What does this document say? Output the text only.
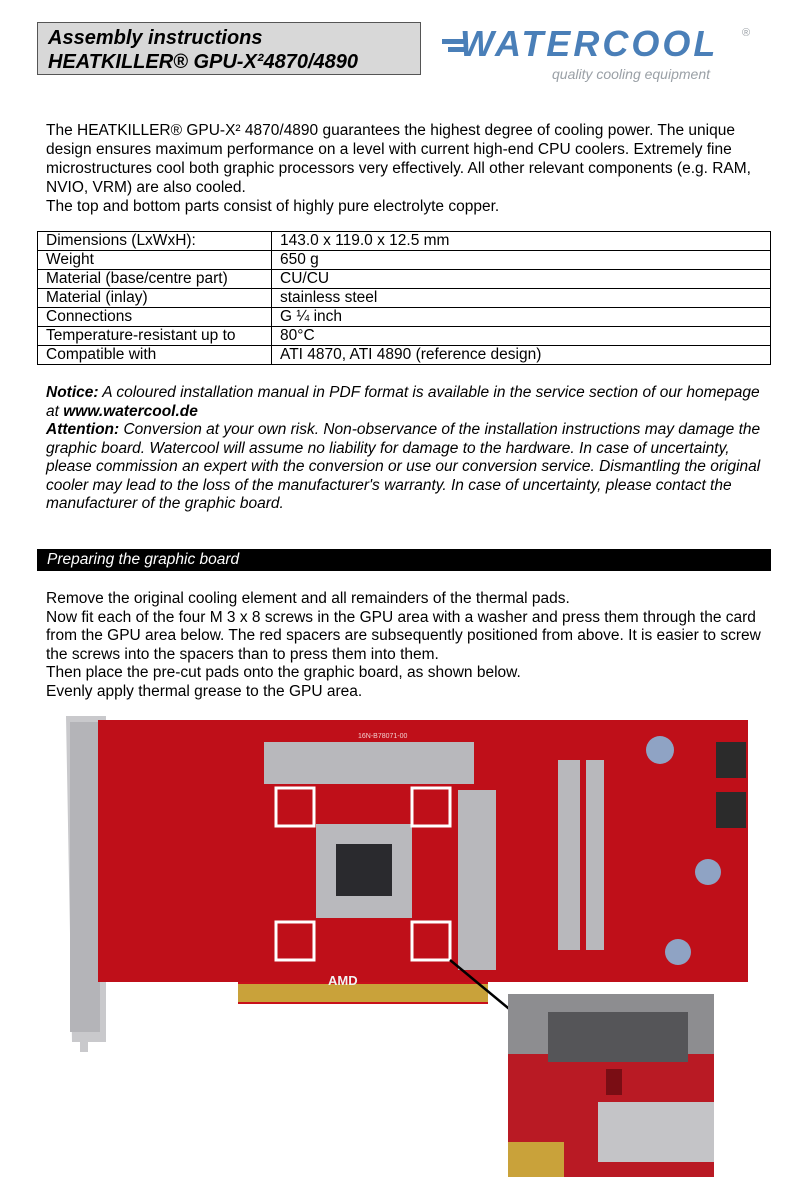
Assembly instructions
HEATKILLER® GPU-X²4870/4890	WATERCOOL ®
quality cooling equipment
The HEATKILLER® GPU-X² 4870/4890 guarantees the highest degree of cooling power. The unique design ensures maximum performance on a level with current high-end CPU coolers. Extremely fine microstructures cool both graphic processors very effectively. All other relevant components (e.g. RAM, NVIO, VRM) are also cooled.
The top and bottom parts consist of highly pure electrolyte copper.
Dimensions (LxWxH):	143.0 x 119.0 x 12.5 mm
Weight	650 g
Material (base/centre part)	CU/CU
Material (inlay)	stainless steel
Connections	G ¼ inch
Temperature-resistant up to	80°C
Compatible with	ATI 4870, ATI 4890 (reference design)
Notice: A coloured installation manual in PDF format is available in the service section of our homepage at www.watercool.de
Attention: Conversion at your own risk. Non-observance of the installation instructions may damage the graphic board. Watercool will assume no liability for damage to the hardware. In case of uncertainty, please commission an expert with the conversion or use our conversion service. Dismantling the original cooler may lead to the loss of the manufacturer's warranty. In case of uncertainty, please contact the manufacturer of the graphic board.
Preparing the graphic board
Remove the original cooling element and all remainders of the thermal pads.
Now fit each of the four M 3 x 8 screws in the GPU area with a washer and press them through the card from the GPU area below. The red spacers are subsequently positioned from above. It is easier to screw the screws into the spacers than to press them into them.
Then place the pre-cut pads onto the graphic board, as shown below.
Evenly apply thermal grease to the GPU area.
16N-B78071-00
AMD
